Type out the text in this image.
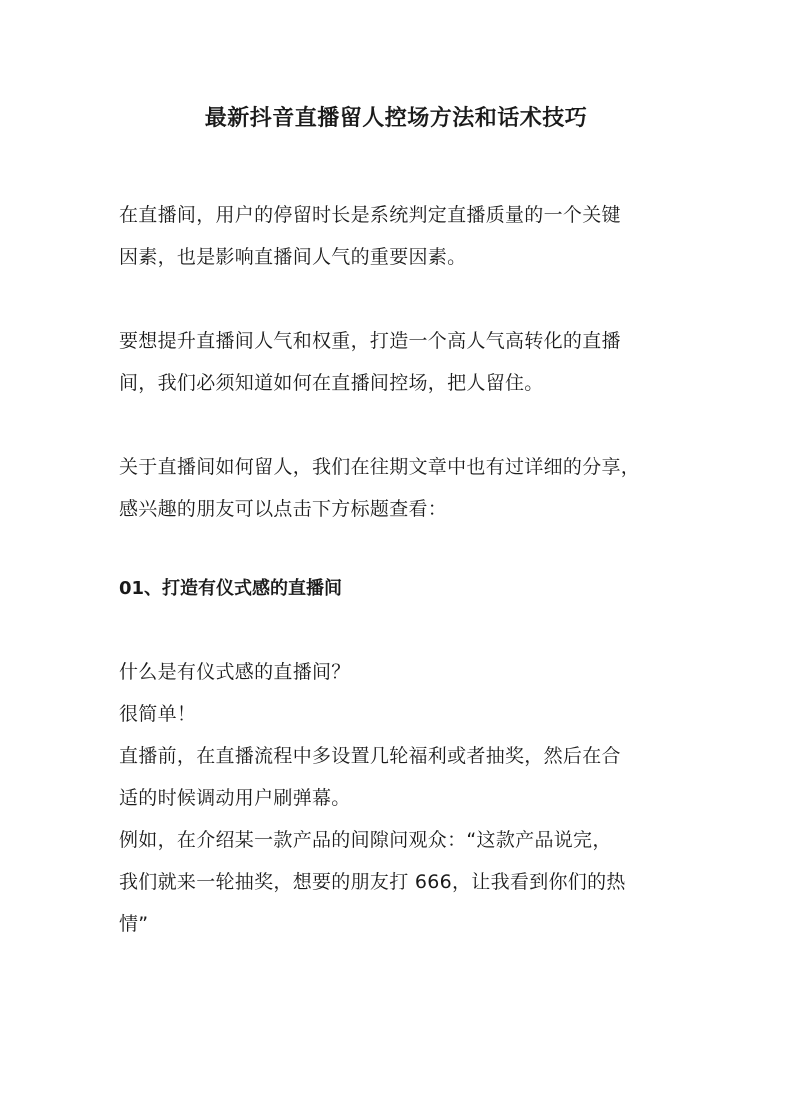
最新抖音直播留人控场方法和话术技巧

在直播间，用户的停留时长是系统判定直播质量的一个关键
因素，也是影响直播间人气的重要因素。

要想提升直播间人气和权重，打造一个高人气高转化的直播
间，我们必须知道如何在直播间控场，把人留住。

关于直播间如何留人，我们在往期文章中也有过详细的分享，
感兴趣的朋友可以点击下方标题查看：

01、打造有仪式感的直播间

什么是有仪式感的直播间？
很简单！
直播前，在直播流程中多设置几轮福利或者抽奖，然后在合
适的时候调动用户刷弹幕。
例如，在介绍某一款产品的间隙问观众：“这款产品说完，
我们就来一轮抽奖，想要的朋友打 666，让我看到你们的热
情”
